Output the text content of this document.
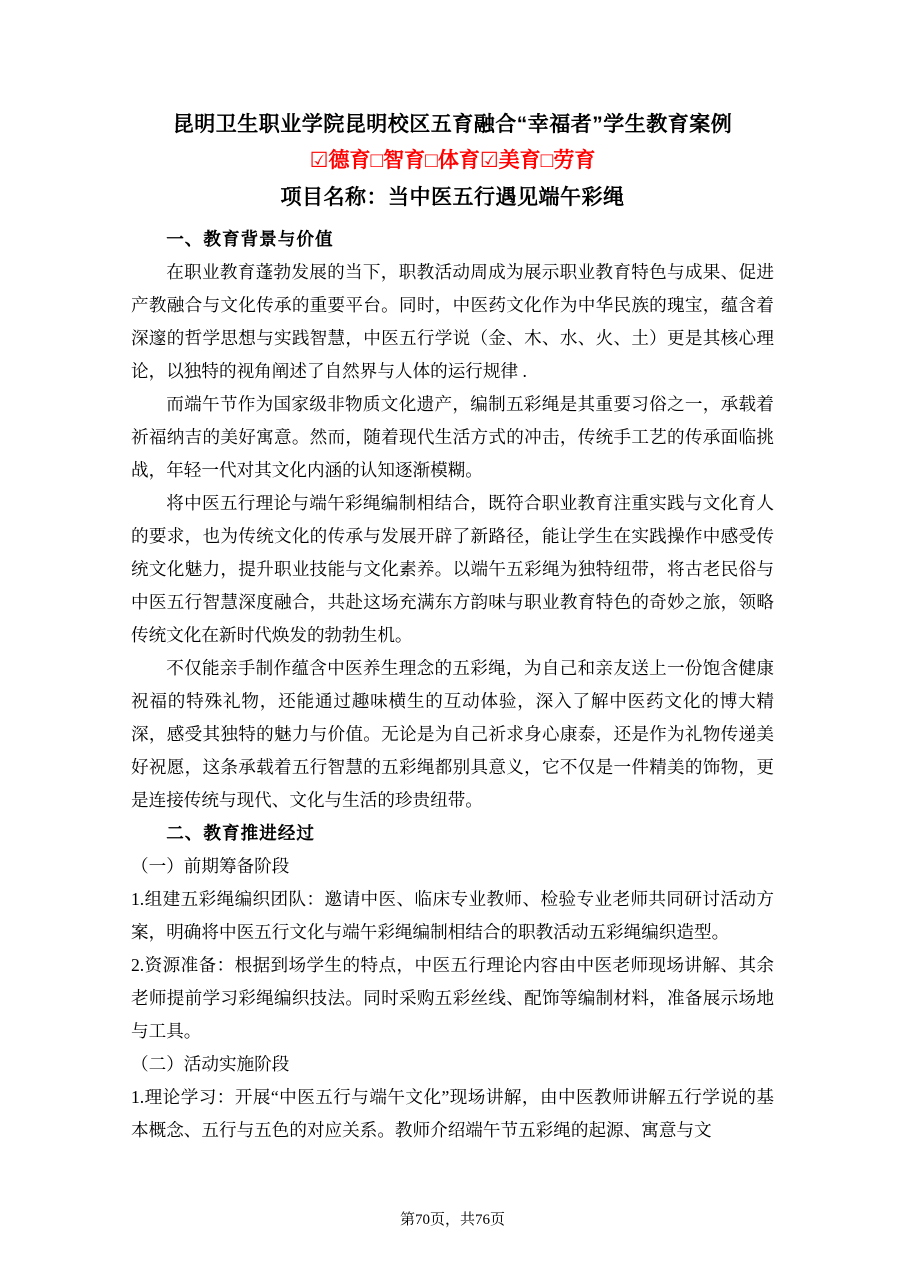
昆明卫生职业学院昆明校区五育融合“幸福者”学生教育案例
☑德育□智育□体育☑美育□劳育
项目名称：当中医五行遇见端午彩绳
一、教育背景与价值
在职业教育蓬勃发展的当下，职教活动周成为展示职业教育特色与成果、促进产教融合与文化传承的重要平台。同时，中医药文化作为中华民族的瑰宝，蕴含着深邃的哲学思想与实践智慧，中医五行学说（金、木、水、火、土）更是其核心理论，以独特的视角阐述了自然界与人体的运行规律 .
而端午节作为国家级非物质文化遗产，编制五彩绳是其重要习俗之一，承载着祈福纳吉的美好寓意。然而，随着现代生活方式的冲击，传统手工艺的传承面临挑战，年轻一代对其文化内涵的认知逐渐模糊。
将中医五行理论与端午彩绳编制相结合，既符合职业教育注重实践与文化育人的要求，也为传统文化的传承与发展开辟了新路径，能让学生在实践操作中感受传统文化魅力，提升职业技能与文化素养。以端午五彩绳为独特纽带，将古老民俗与中医五行智慧深度融合，共赴这场充满东方韵味与职业教育特色的奇妙之旅，领略传统文化在新时代焕发的勃勃生机。
不仅能亲手制作蕴含中医养生理念的五彩绳，为自己和亲友送上一份饱含健康祝福的特殊礼物，还能通过趣味横生的互动体验，深入了解中医药文化的博大精深，感受其独特的魅力与价值。无论是为自己祈求身心康泰，还是作为礼物传递美好祝愿，这条承载着五行智慧的五彩绳都别具意义，它不仅是一件精美的饰物，更是连接传统与现代、文化与生活的珍贵纽带。
二、教育推进经过
（一）前期筹备阶段
1.组建五彩绳编织团队：邀请中医、临床专业教师、检验专业老师共同研讨活动方案，明确将中医五行文化与端午彩绳编制相结合的职教活动五彩绳编织造型。
2.资源准备：根据到场学生的特点，中医五行理论内容由中医老师现场讲解、其余老师提前学习彩绳编织技法。同时采购五彩丝线、配饰等编制材料，准备展示场地与工具。
（二）活动实施阶段
1.理论学习：开展“中医五行与端午文化”现场讲解，由中医教师讲解五行学说的基本概念、五行与五色的对应关系。教师介绍端午节五彩绳的起源、寓意与文
第70页，共76页
